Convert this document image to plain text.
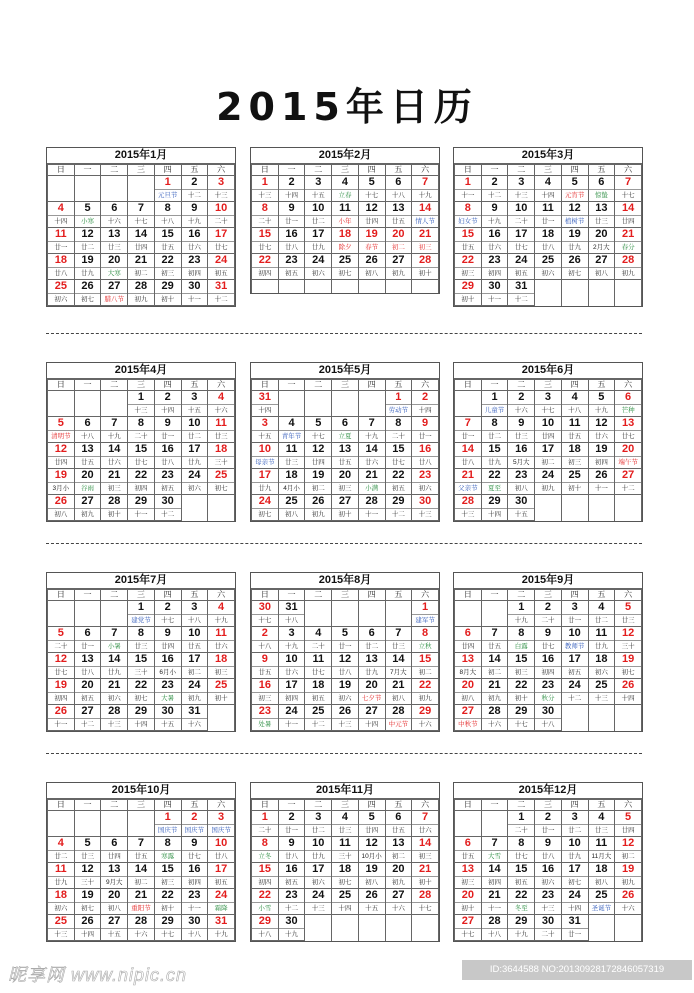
2015年日历
2015年1月
日	一	二	三	四	五	六
				1	2	3
				元旦节	十二	十三
4	5	6	7	8	9	10
十四	小寒	十六	十七	十八	十九	二十
11	12	13	14	15	16	17
廿一	廿二	廿三	廿四	廿五	廿六	廿七
18	19	20	21	22	23	24
廿八	廿九	大寒	初二	初三	初四	初五
25	26	27	28	29	30	31
初六	初七	腊八节	初九	初十	十一	十二
2015年2月
日	一	二	三	四	五	六
1	2	3	4	5	6	7
十三	十四	十五	立春	十七	十八	十九
8	9	10	11	12	13	14
二十	廿一	廿二	小年	廿四	廿五	情人节
15	16	17	18	19	20	21
廿七	廿八	廿九	除夕	春节	初二	初三
22	23	24	25	26	27	28
初四	初五	初六	初七	初八	初九	初十

2015年3月
日	一	二	三	四	五	六
1	2	3	4	5	6	7
十一	十二	十三	十四	元宵节	惊蛰	十七
8	9	10	11	12	13	14
妇女节	十九	二十	廿一	植树节	廿三	廿四
15	16	17	18	19	20	21
廿五	廿六	廿七	廿八	廿九	2月大	春分
22	23	24	25	26	27	28
初三	初四	初五	初六	初七	初八	初九
29	30	31				
初十	十一	十二				
2015年4月
日	一	二	三	四	五	六
			1	2	3	4
			十三	十四	十五	十六
5	6	7	8	9	10	11
清明节	十八	十九	二十	廿一	廿二	廿三
12	13	14	15	16	17	18
廿四	廿五	廿六	廿七	廿八	廿九	三十
19	20	21	22	23	24	25
3月小	谷雨	初三	初四	初五	初六	初七
26	27	28	29	30		
初八	初九	初十	十一	十二		
2015年5月
日	一	二	三	四	五	六
31					1	2
十四					劳动节	十四
3	4	5	6	7	8	9
十五	青年节	十七	立夏	十九	二十	廿一
10	11	12	13	14	15	16
母亲节	廿三	廿四	廿五	廿六	廿七	廿八
17	18	19	20	21	22	23
廿九	4月小	初二	初三	小满	初五	初六
24	25	26	27	28	29	30
初七	初八	初九	初十	十一	十二	十三
2015年6月
日	一	二	三	四	五	六
	1	2	3	4	5	6
	儿童节	十六	十七	十八	十九	芒种
7	8	9	10	11	12	13
廿一	廿二	廿三	廿四	廿五	廿六	廿七
14	15	16	17	18	19	20
廿八	廿九	5月大	初二	初三	初四	端午节
21	22	23	24	25	26	27
父亲节	夏至	初八	初九	初十	十一	十二
28	29	30				
十三	十四	十五				
2015年7月
日	一	二	三	四	五	六
			1	2	3	4
			建党节	十七	十八	十九
5	6	7	8	9	10	11
二十	廿一	小暑	廿三	廿四	廿五	廿六
12	13	14	15	16	17	18
廿七	廿八	廿九	三十	6月小	初二	初三
19	20	21	22	23	24	25
初四	初五	初六	初七	大暑	初九	初十
26	27	28	29	30	31	
十一	十二	十三	十四	十五	十六	
2015年8月
日	一	二	三	四	五	六
30	31					1
十七	十八					建军节
2	3	4	5	6	7	8
十八	十九	二十	廿一	廿二	廿三	立秋
9	10	11	12	13	14	15
廿五	廿六	廿七	廿八	廿九	7月大	初二
16	17	18	19	20	21	22
初三	初四	初五	初六	七夕节	初八	初九
23	24	25	26	27	28	29
处暑	十一	十二	十三	十四	中元节	十六
2015年9月
日	一	二	三	四	五	六
		1	2	3	4	5
		十九	二十	廿一	廿二	廿三
6	7	8	9	10	11	12
廿四	廿五	白露	廿七	教师节	廿九	三十
13	14	15	16	17	18	19
8月大	初二	初三	初四	初五	初六	初七
20	21	22	23	24	25	26
初八	初九	初十	秋分	十二	十三	十四
27	28	29	30			
中秋节	十六	十七	十八			
2015年10月
日	一	二	三	四	五	六
				1	2	3
				国庆节	国庆节	国庆节
4	5	6	7	8	9	10
廿二	廿三	廿四	廿五	寒露	廿七	廿八
11	12	13	14	15	16	17
廿九	三十	9月大	初二	初三	初四	初五
18	19	20	21	22	23	24
初六	初七	初八	重阳节	初十	十一	霜降
25	26	27	28	29	30	31
十三	十四	十五	十六	十七	十八	十九
2015年11月
日	一	二	三	四	五	六
1	2	3	4	5	6	7
二十	廿一	廿二	廿三	廿四	廿五	廿六
8	9	10	11	12	13	14
立冬	廿八	廿九	三十	10月小	初二	初三
15	16	17	18	19	20	21
初四	初五	初六	初七	初八	初九	初十
22	23	24	25	26	27	28
小雪	十二	十三	十四	十五	十六	十七
29	30					
十八	十九					
2015年12月
日	一	二	三	四	五	六
		1	2	3	4	5
		二十	廿一	廿二	廿三	廿四
6	7	8	9	10	11	12
廿五	大雪	廿七	廿八	廿九	11月大	初二
13	14	15	16	17	18	19
初三	初四	初五	初六	初七	初八	初九
20	21	22	23	24	25	26
初十	十一	冬至	十三	十四	圣诞节	十六
27	28	29	30	31		
十七	十八	十九	二十	廿一		
昵享网 www.nipic.cn	ID:3644588 NO:20130928172846057319
